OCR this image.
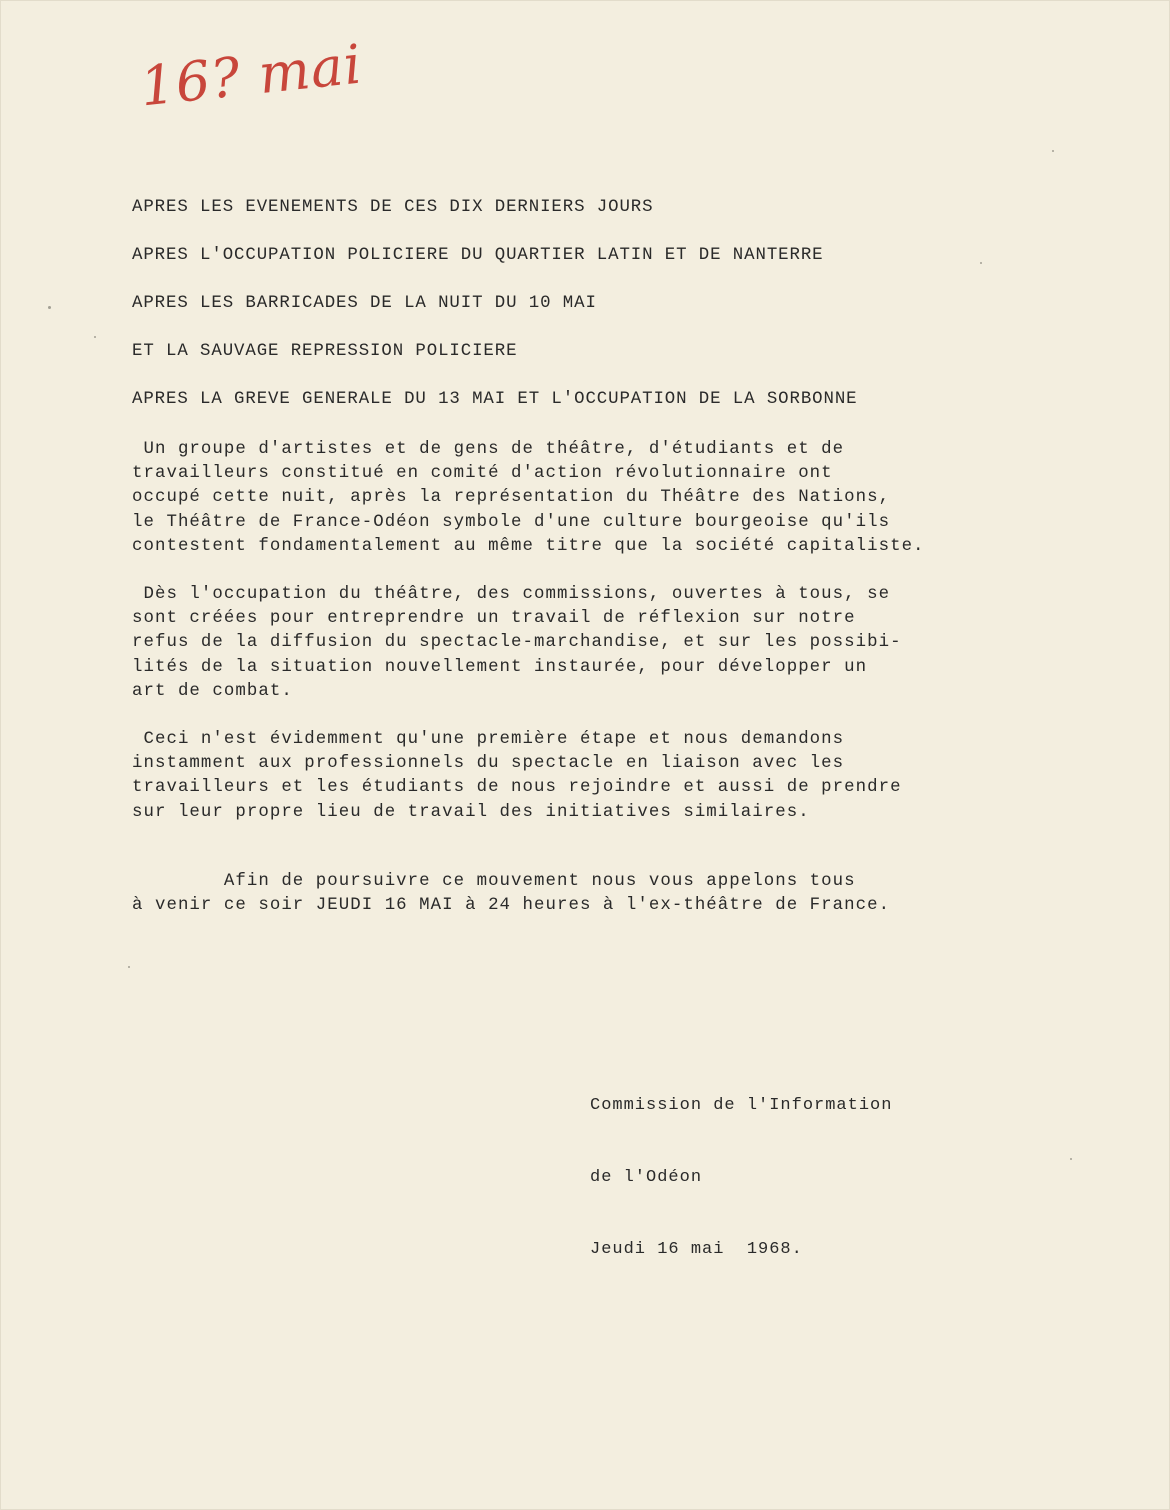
16? mai

APRES LES EVENEMENTS DE CES DIX DERNIERS JOURS

APRES L'OCCUPATION POLICIERE DU QUARTIER LATIN ET DE NANTERRE

APRES LES BARRICADES DE LA NUIT DU 10 MAI

ET LA SAUVAGE REPRESSION POLICIERE

APRES LA GREVE GENERALE DU 13 MAI ET L'OCCUPATION DE LA SORBONNE

Un groupe d'artistes et de gens de théâtre, d'étudiants et de
travailleurs constitué en comité d'action révolutionnaire ont
occupé cette nuit, après la représentation du Théâtre des Nations,
le Théâtre de France-Odéon symbole d'une culture bourgeoise qu'ils
contestent fondamentalement au même titre que la société capitaliste.

Dès l'occupation du théâtre, des commissions, ouvertes à tous, se
sont créées pour entreprendre un travail de réflexion sur notre
refus de la diffusion du spectacle-marchandise, et sur les possibi-
lités de la situation nouvellement instaurée, pour développer un
art de combat.

Ceci n'est évidemment qu'une première étape et nous demandons
instamment aux professionnels du spectacle en liaison avec les
travailleurs et les étudiants de nous rejoindre et aussi de prendre
sur leur propre lieu de travail des initiatives similaires.

Afin de poursuivre ce mouvement nous vous appelons tous
à venir ce soir JEUDI 16 MAI à 24 heures à l'ex-théâtre de France.

Commission de l'Information

de l'Odéon

Jeudi 16 mai  1968.
